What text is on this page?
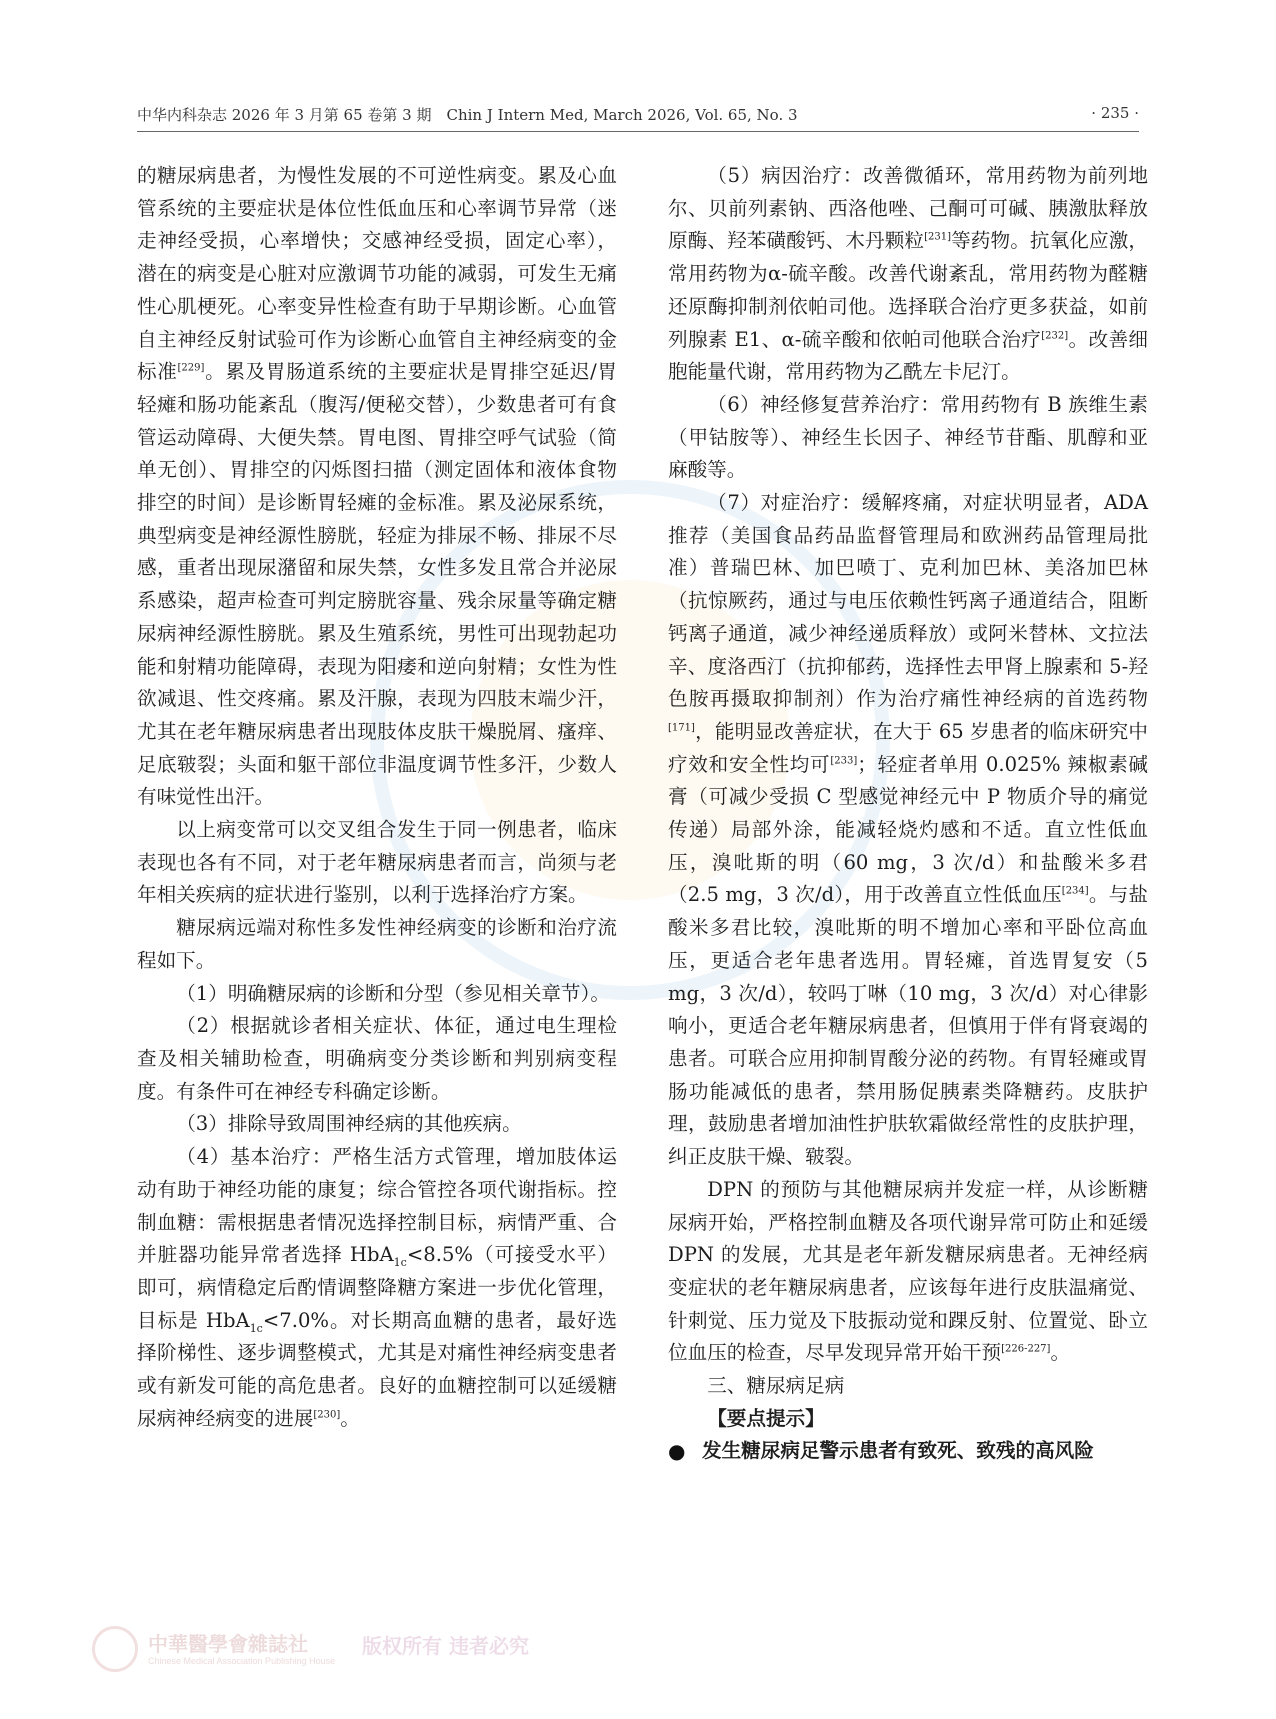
中华内科杂志 2026 年 3 月第 65 卷第 3 期　Chin J Intern Med, March 2026, Vol. 65, No. 3	· 235 ·

的糖尿病患者，为慢性发展的不可逆性病变。累及心血管系统的主要症状是体位性低血压和心率调节异常（迷走神经受损，心率增快；交感神经受损，固定心率），潜在的病变是心脏对应激调节功能的减弱，可发生无痛性心肌梗死。心率变异性检查有助于早期诊断。心血管自主神经反射试验可作为诊断心血管自主神经病变的金标准[229]。累及胃肠道系统的主要症状是胃排空延迟/胃轻瘫和肠功能紊乱（腹泻/便秘交替），少数患者可有食管运动障碍、大便失禁。胃电图、胃排空呼气试验（简单无创）、胃排空的闪烁图扫描（测定固体和液体食物排空的时间）是诊断胃轻瘫的金标准。累及泌尿系统，典型病变是神经源性膀胱，轻症为排尿不畅、排尿不尽感，重者出现尿潴留和尿失禁，女性多发且常合并泌尿系感染，超声检查可判定膀胱容量、残余尿量等确定糖尿病神经源性膀胱。累及生殖系统，男性可出现勃起功能和射精功能障碍，表现为阳痿和逆向射精；女性为性欲减退、性交疼痛。累及汗腺，表现为四肢末端少汗，尤其在老年糖尿病患者出现肢体皮肤干燥脱屑、瘙痒、足底皲裂；头面和躯干部位非温度调节性多汗，少数人有味觉性出汗。

以上病变常可以交叉组合发生于同一例患者，临床表现也各有不同，对于老年糖尿病患者而言，尚须与老年相关疾病的症状进行鉴别，以利于选择治疗方案。

糖尿病远端对称性多发性神经病变的诊断和治疗流程如下。

（1）明确糖尿病的诊断和分型（参见相关章节）。

（2）根据就诊者相关症状、体征，通过电生理检查及相关辅助检查，明确病变分类诊断和判别病变程度。有条件可在神经专科确定诊断。

（3）排除导致周围神经病的其他疾病。

（4）基本治疗：严格生活方式管理，增加肢体运动有助于神经功能的康复；综合管控各项代谢指标。控制血糖：需根据患者情况选择控制目标，病情严重、合并脏器功能异常者选择 HbA$_{1c}$<8.5%（可接受水平）即可，病情稳定后酌情调整降糖方案进一步优化管理，目标是 HbA$_{1c}$<7.0%。对长期高血糖的患者，最好选择阶梯性、逐步调整模式，尤其是对痛性神经病变患者或有新发可能的高危患者。良好的血糖控制可以延缓糖尿病神经病变的进展[230]。

（5）病因治疗：改善微循环，常用药物为前列地尔、贝前列素钠、西洛他唑、己酮可可碱、胰激肽释放原酶、羟苯磺酸钙、木丹颗粒[231]等药物。抗氧化应激，常用药物为α-硫辛酸。改善代谢紊乱，常用药物为醛糖还原酶抑制剂依帕司他。选择联合治疗更多获益，如前列腺素 E1、α-硫辛酸和依帕司他联合治疗[232]。改善细胞能量代谢，常用药物为乙酰左卡尼汀。

（6）神经修复营养治疗：常用药物有 B 族维生素（甲钴胺等）、神经生长因子、神经节苷酯、肌醇和亚麻酸等。

（7）对症治疗：缓解疼痛，对症状明显者，ADA 推荐（美国食品药品监督管理局和欧洲药品管理局批准）普瑞巴林、加巴喷丁、克利加巴林、美洛加巴林（抗惊厥药，通过与电压依赖性钙离子通道结合，阻断钙离子通道，减少神经递质释放）或阿米替林、文拉法辛、度洛西汀（抗抑郁药，选择性去甲肾上腺素和 5-羟色胺再摄取抑制剂）作为治疗痛性神经病的首选药物[171]，能明显改善症状，在大于 65 岁患者的临床研究中疗效和安全性均可[233]；轻症者单用 0.025% 辣椒素碱膏（可减少受损 C 型感觉神经元中 P 物质介导的痛觉传递）局部外涂，能减轻烧灼感和不适。直立性低血压，溴吡斯的明（60 mg，3 次/d）和盐酸米多君（2.5 mg，3 次/d），用于改善直立性低血压[234]。与盐酸米多君比较，溴吡斯的明不增加心率和平卧位高血压，更适合老年患者选用。胃轻瘫，首选胃复安（5 mg，3 次/d），较吗丁啉（10 mg，3 次/d）对心律影响小，更适合老年糖尿病患者，但慎用于伴有肾衰竭的患者。可联合应用抑制胃酸分泌的药物。有胃轻瘫或胃肠功能减低的患者，禁用肠促胰素类降糖药。皮肤护理，鼓励患者增加油性护肤软霜做经常性的皮肤护理，纠正皮肤干燥、皲裂。

DPN 的预防与其他糖尿病并发症一样，从诊断糖尿病开始，严格控制血糖及各项代谢异常可防止和延缓 DPN 的发展，尤其是老年新发糖尿病患者。无神经病变症状的老年糖尿病患者，应该每年进行皮肤温痛觉、针刺觉、压力觉及下肢振动觉和踝反射、位置觉、卧立位血压的检查，尽早发现异常开始干预[226-227]。

三、糖尿病足病

【要点提示】

● 发生糖尿病足警示患者有致死、致残的高风险
中華醫學會雜誌社
Chinese Medical Association Publishing House
版权所有 违者必究
